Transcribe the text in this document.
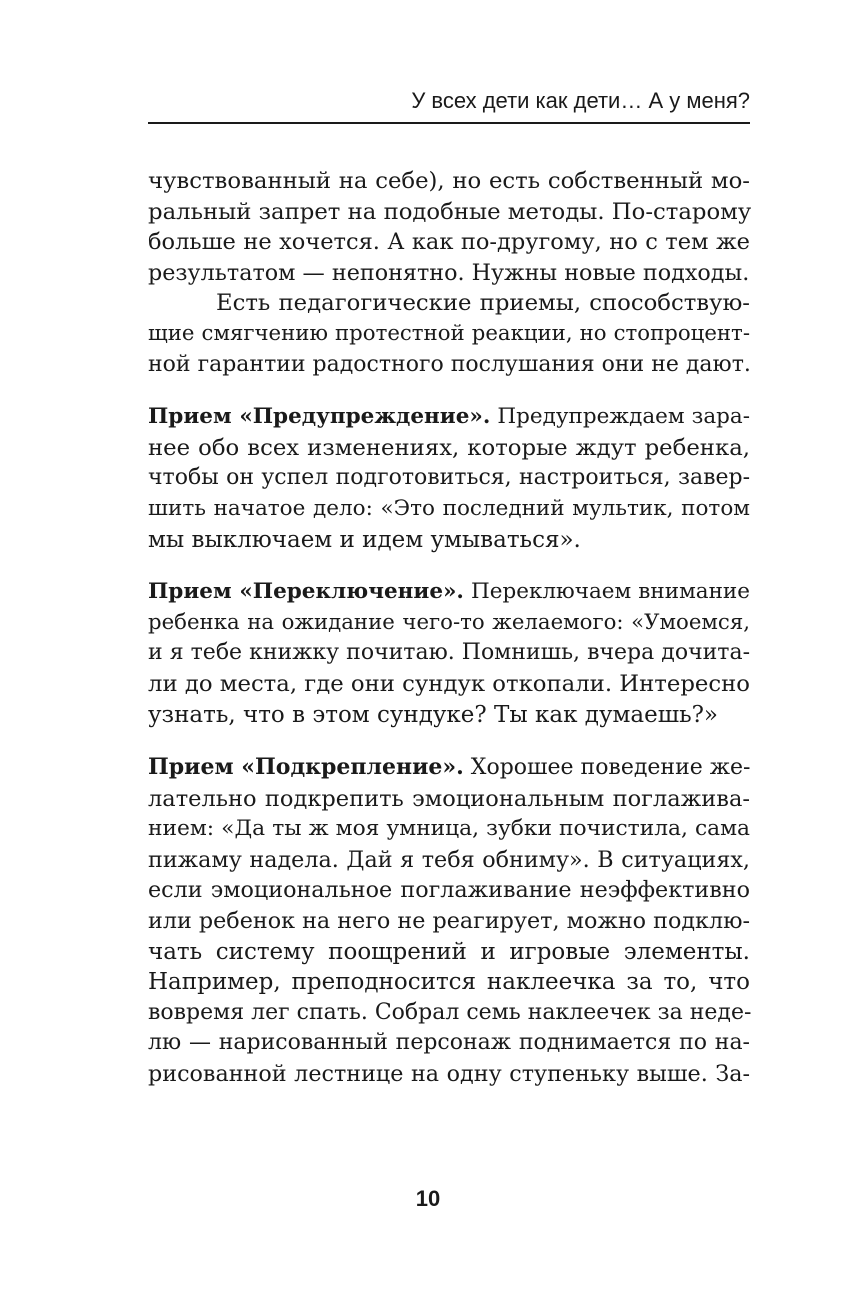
У всех дети как дети… А у меня?
чувствованный на себе), но есть собственный мо-
ральный запрет на подобные методы. По-старому
больше не хочется. А как по-другому, но с тем же
результатом — непонятно. Нужны новые подходы.
Есть педагогические приемы, способствую-
щие смягчению протестной реакции, но стопроцент-
ной гарантии радостного послушания они не дают.
Прием «Предупреждение». Предупреждаем зара-
нее обо всех изменениях, которые ждут ребенка,
чтобы он успел подготовиться, настроиться, завер-
шить начатое дело: «Это последний мультик, потом
мы выключаем и идем умываться».
Прием «Переключение». Переключаем внимание
ребенка на ожидание чего-то желаемого: «Умоемся,
и я тебе книжку почитаю. Помнишь, вчера дочита-
ли до места, где они сундук откопали. Интересно
узнать, что в этом сундуке? Ты как думаешь?»
Прием «Подкрепление». Хорошее поведение же-
лательно подкрепить эмоциональным поглажива-
нием: «Да ты ж моя умница, зубки почистила, сама
пижаму надела. Дай я тебя обниму». В ситуациях,
если эмоциональное поглаживание неэффективно
или ребенок на него не реагирует, можно подклю-
чать систему поощрений и игровые элементы.
Например, преподносится наклеечка за то, что
вовремя лег спать. Собрал семь наклеечек за неде-
лю — нарисованный персонаж поднимается по на-
рисованной лестнице на одну ступеньку выше. За-
10
